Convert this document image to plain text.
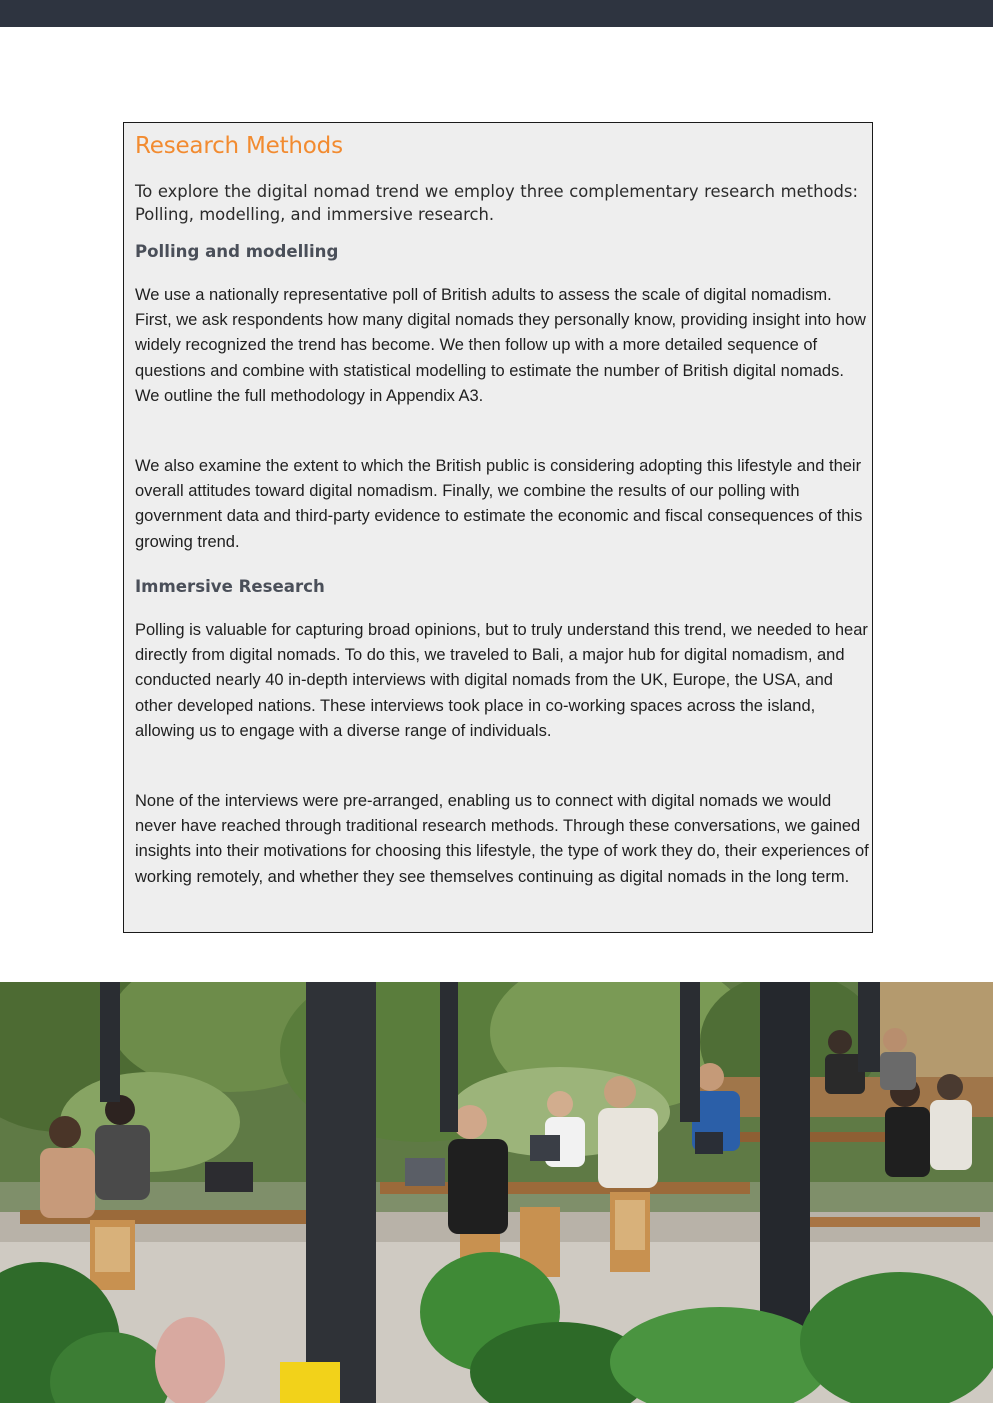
Research Methods

To explore the digital nomad trend we employ three complementary research methods: Polling, modelling, and immersive research.

Polling and modelling

We use a nationally representative poll of British adults to assess the scale of digital nomadism. First, we ask respondents how many digital nomads they personally know, providing insight into how widely recognized the trend has become. We then follow up with a more detailed sequence of questions and combine with statistical modelling to estimate the number of British digital nomads. We outline the full methodology in Appendix A3.

We also examine the extent to which the British public is considering adopting this lifestyle and their overall attitudes toward digital nomadism. Finally, we combine the results of our polling with government data and third-party evidence to estimate the economic and fiscal consequences of this growing trend.

Immersive Research

Polling is valuable for capturing broad opinions, but to truly understand this trend, we needed to hear directly from digital nomads. To do this, we traveled to Bali, a major hub for digital nomadism, and conducted nearly 40 in-depth interviews with digital nomads from the UK, Europe, the USA, and other developed nations. These interviews took place in co-working spaces across the island, allowing us to engage with a diverse range of individuals.

None of the interviews were pre-arranged, enabling us to connect with digital nomads we would never have reached through traditional research methods. Through these conversations, we gained insights into their motivations for choosing this lifestyle, the type of work they do, their experiences of working remotely, and whether they see themselves continuing as digital nomads in the long term.
